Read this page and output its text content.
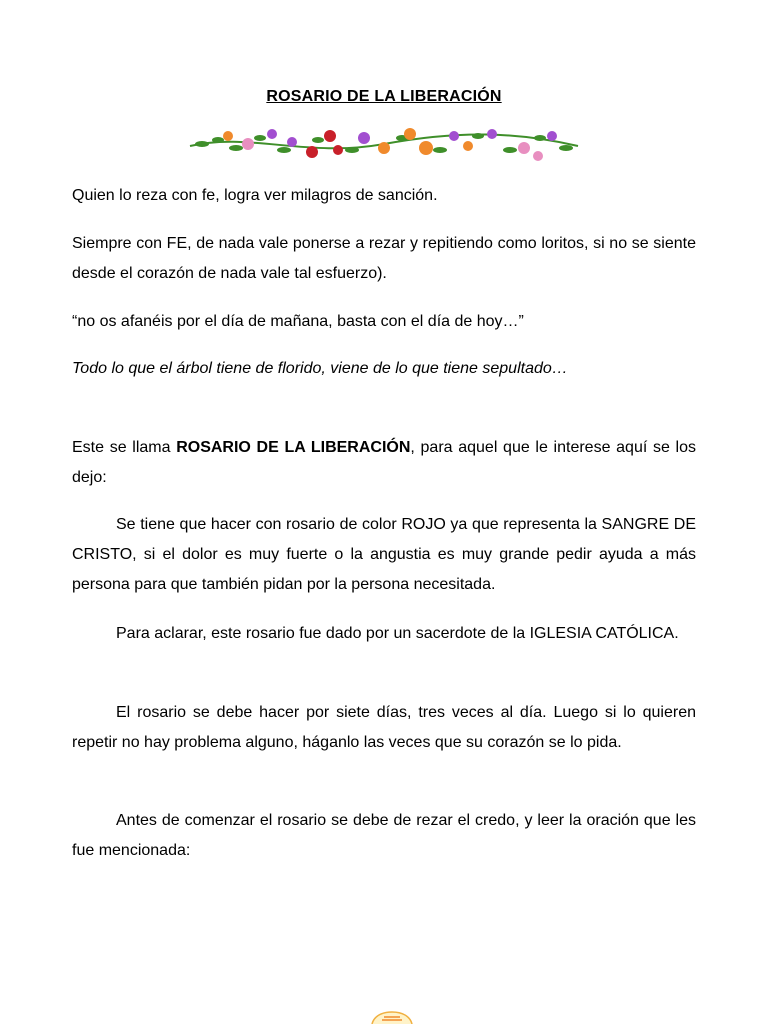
ROSARIO DE LA LIBERACIÓN

Quien lo reza con fe, logra ver milagros de sanción.

Siempre con FE, de nada vale ponerse a rezar y repitiendo como loritos, si no se siente desde el corazón de nada vale tal esfuerzo).

“no os afanéis por el día de mañana, basta con el día de hoy…”

Todo lo que el árbol tiene de florido, viene de lo que tiene sepultado…

Este se llama ROSARIO DE LA LIBERACIÓN, para aquel que le interese aquí se los dejo:

Se tiene que hacer con rosario de color ROJO ya que representa la SANGRE DE CRISTO, si el dolor es muy fuerte o la angustia es muy grande pedir ayuda a más persona para que también pidan por la persona necesitada.

Para aclarar, este rosario fue dado por un sacerdote de la IGLESIA CATÓLICA.

El rosario se debe hacer por siete días, tres veces al día. Luego si lo quieren repetir no hay problema alguno, háganlo las veces que su corazón se lo pida.

Antes de comenzar el rosario se debe de rezar el credo, y leer la oración que les fue mencionada:
